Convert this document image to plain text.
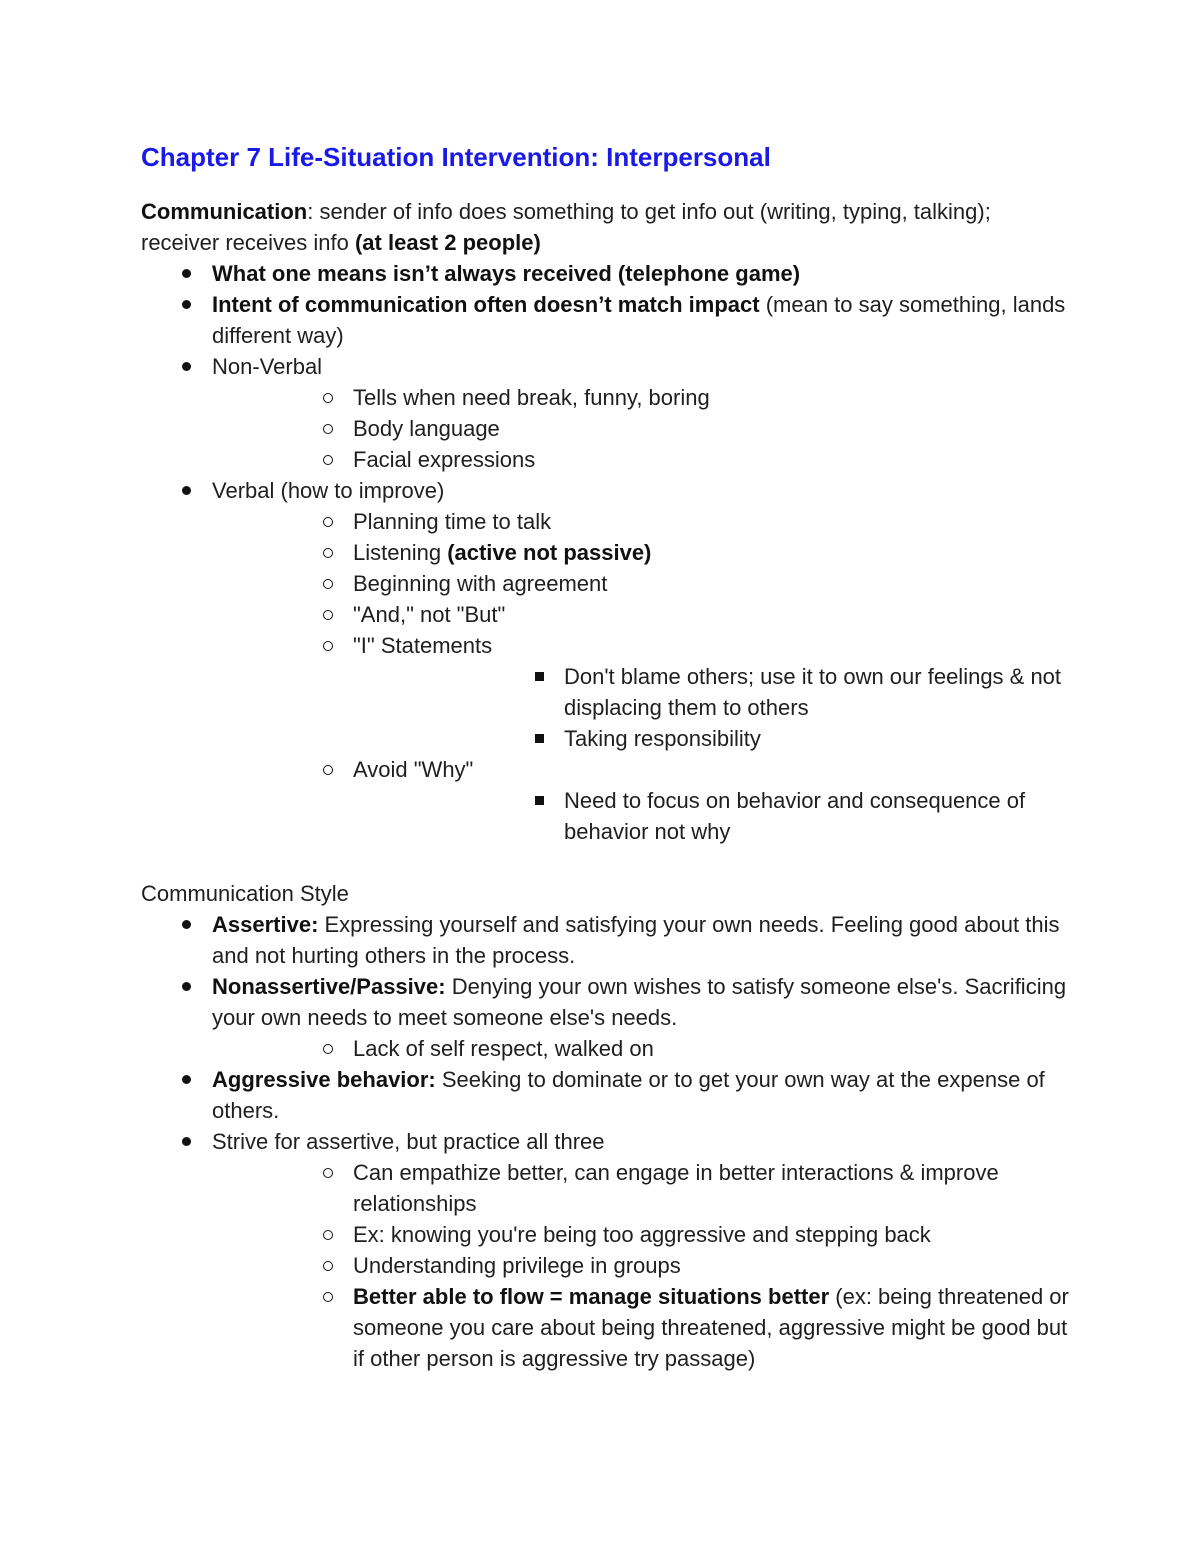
Chapter 7 Life-Situation Intervention: Interpersonal

Communication: sender of info does something to get info out (writing, typing, talking); receiver receives info (at least 2 people)

What one means isn’t always received (telephone game)
Intent of communication often doesn’t match impact (mean to say something, lands different way)
Non-Verbal
Tells when need break, funny, boring
Body language
Facial expressions
Verbal (how to improve)
Planning time to talk
Listening (active not passive)
Beginning with agreement
"And," not "But"
"I" Statements
Don't blame others; use it to own our feelings & not displacing them to others
Taking responsibility
Avoid "Why"
Need to focus on behavior and consequence of behavior not why

Communication Style

Assertive: Expressing yourself and satisfying your own needs. Feeling good about this and not hurting others in the process.
Nonassertive/Passive: Denying your own wishes to satisfy someone else's. Sacrificing your own needs to meet someone else's needs.
Lack of self respect, walked on
Aggressive behavior: Seeking to dominate or to get your own way at the expense of others.
Strive for assertive, but practice all three
Can empathize better, can engage in better interactions & improve relationships
Ex: knowing you're being too aggressive and stepping back
Understanding privilege in groups
Better able to flow = manage situations better (ex: being threatened or someone you care about being threatened, aggressive might be good but if other person is aggressive try passage)
